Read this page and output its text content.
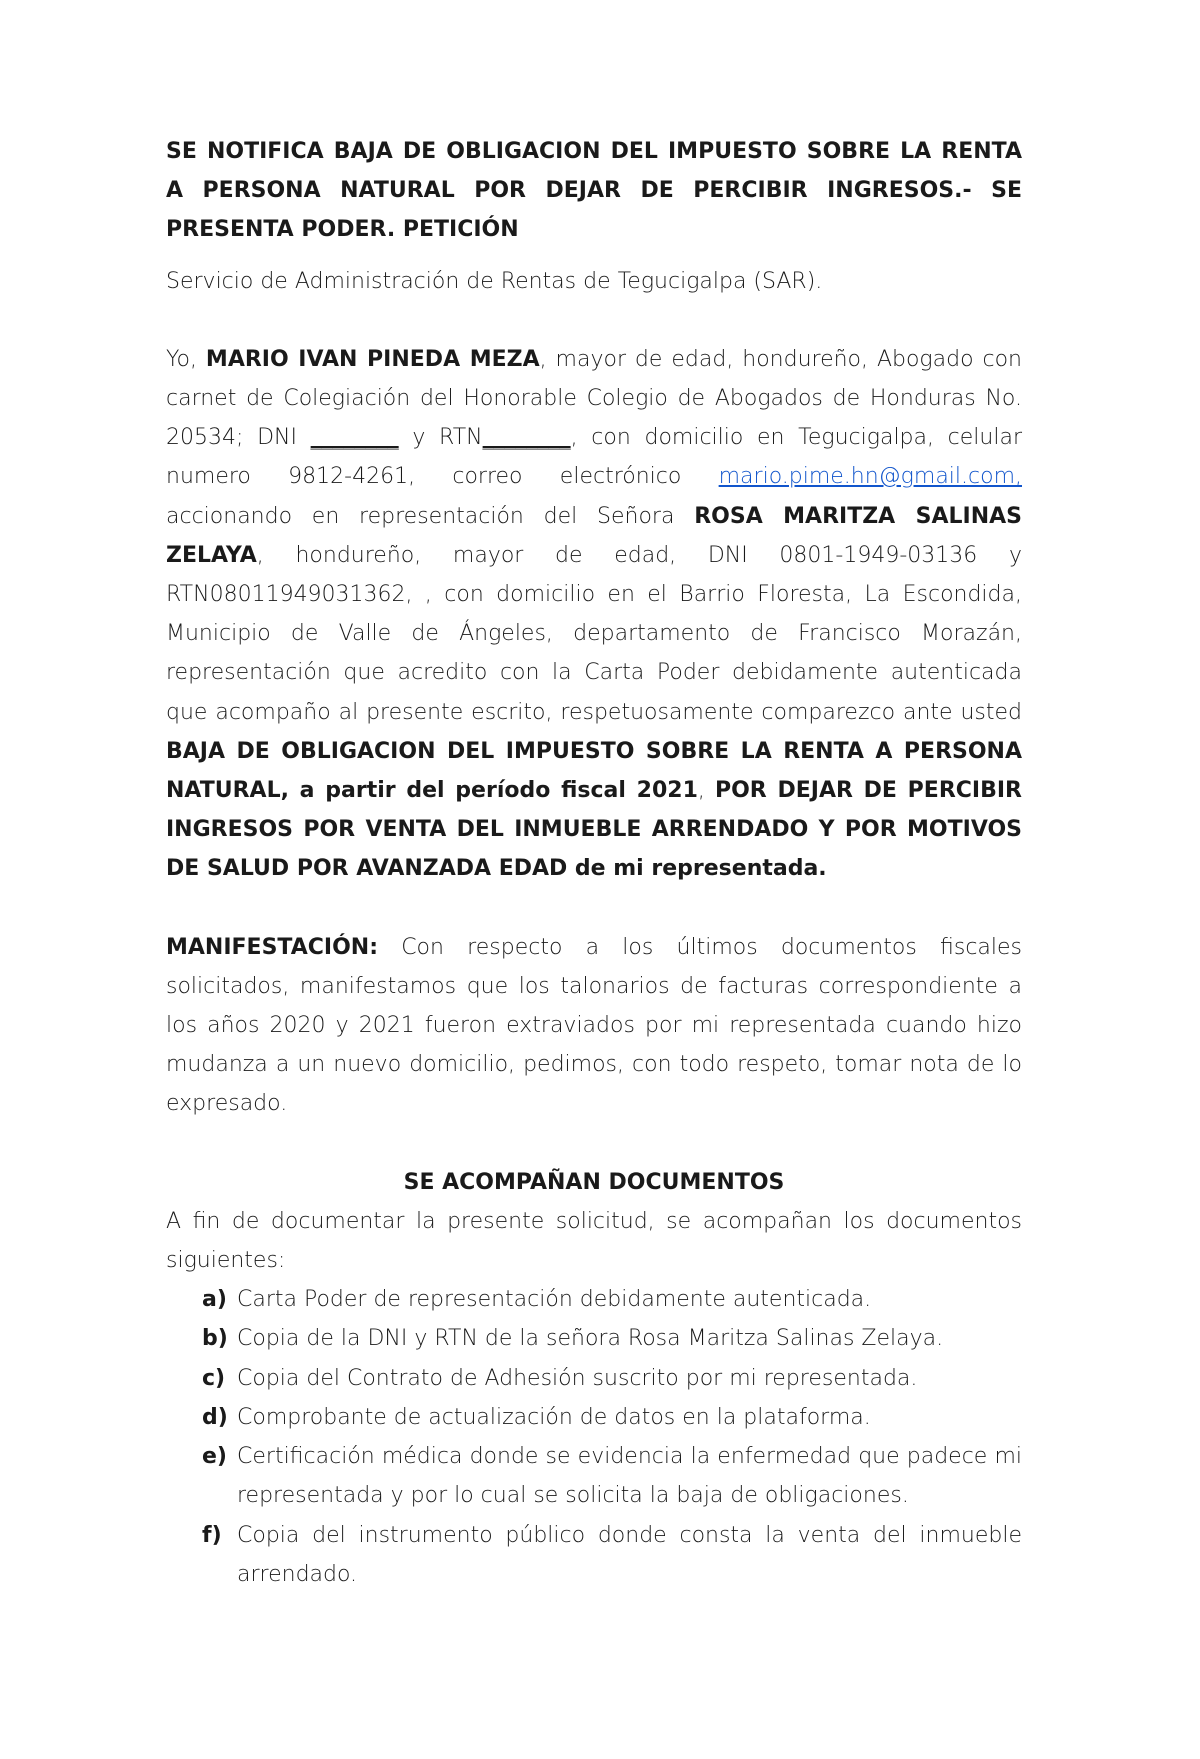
SE NOTIFICA BAJA DE OBLIGACION DEL IMPUESTO SOBRE LA RENTA A PERSONA NATURAL POR DEJAR DE PERCIBIR INGRESOS.- SE PRESENTA PODER. PETICIÓN

Servicio de Administración de Rentas de Tegucigalpa (SAR).

Yo, MARIO IVAN PINEDA MEZA, mayor de edad, hondureño, Abogado con carnet de Colegiación del Honorable Colegio de Abogados de Honduras No. 20534; DNI ________ y RTN________, con domicilio en Tegucigalpa, celular numero 9812-4261, correo electrónico mario.pime.hn@gmail.com, accionando en representación del Señora ROSA MARITZA SALINAS ZELAYA, hondureño, mayor de edad, DNI 0801-1949-03136 y RTN08011949031362, , con domicilio en el Barrio Floresta, La Escondida, Municipio de Valle de Ángeles, departamento de Francisco Morazán, representación que acredito con la Carta Poder debidamente autenticada que acompaño al presente escrito, respetuosamente comparezco ante usted BAJA DE OBLIGACION DEL IMPUESTO SOBRE LA RENTA A PERSONA NATURAL, a partir del período fiscal 2021, POR DEJAR DE PERCIBIR INGRESOS POR VENTA DEL INMUEBLE ARRENDADO Y POR MOTIVOS DE SALUD POR AVANZADA EDAD de mi representada.

MANIFESTACIÓN: Con respecto a los últimos documentos fiscales solicitados, manifestamos que los talonarios de facturas correspondiente a los años 2020 y 2021 fueron extraviados por mi representada cuando hizo mudanza a un nuevo domicilio, pedimos, con todo respeto, tomar nota de lo expresado.

SE ACOMPAÑAN DOCUMENTOS

A fin de documentar la presente solicitud, se acompañan los documentos siguientes:

a) Carta Poder de representación debidamente autenticada.
b) Copia de la DNI y RTN de la señora Rosa Maritza Salinas Zelaya.
c) Copia del Contrato de Adhesión suscrito por mi representada.
d) Comprobante de actualización de datos en la plataforma.
e) Certificación médica donde se evidencia la enfermedad que padece mi representada y por lo cual se solicita la baja de obligaciones.
f) Copia del instrumento público donde consta la venta del inmueble arrendado.
